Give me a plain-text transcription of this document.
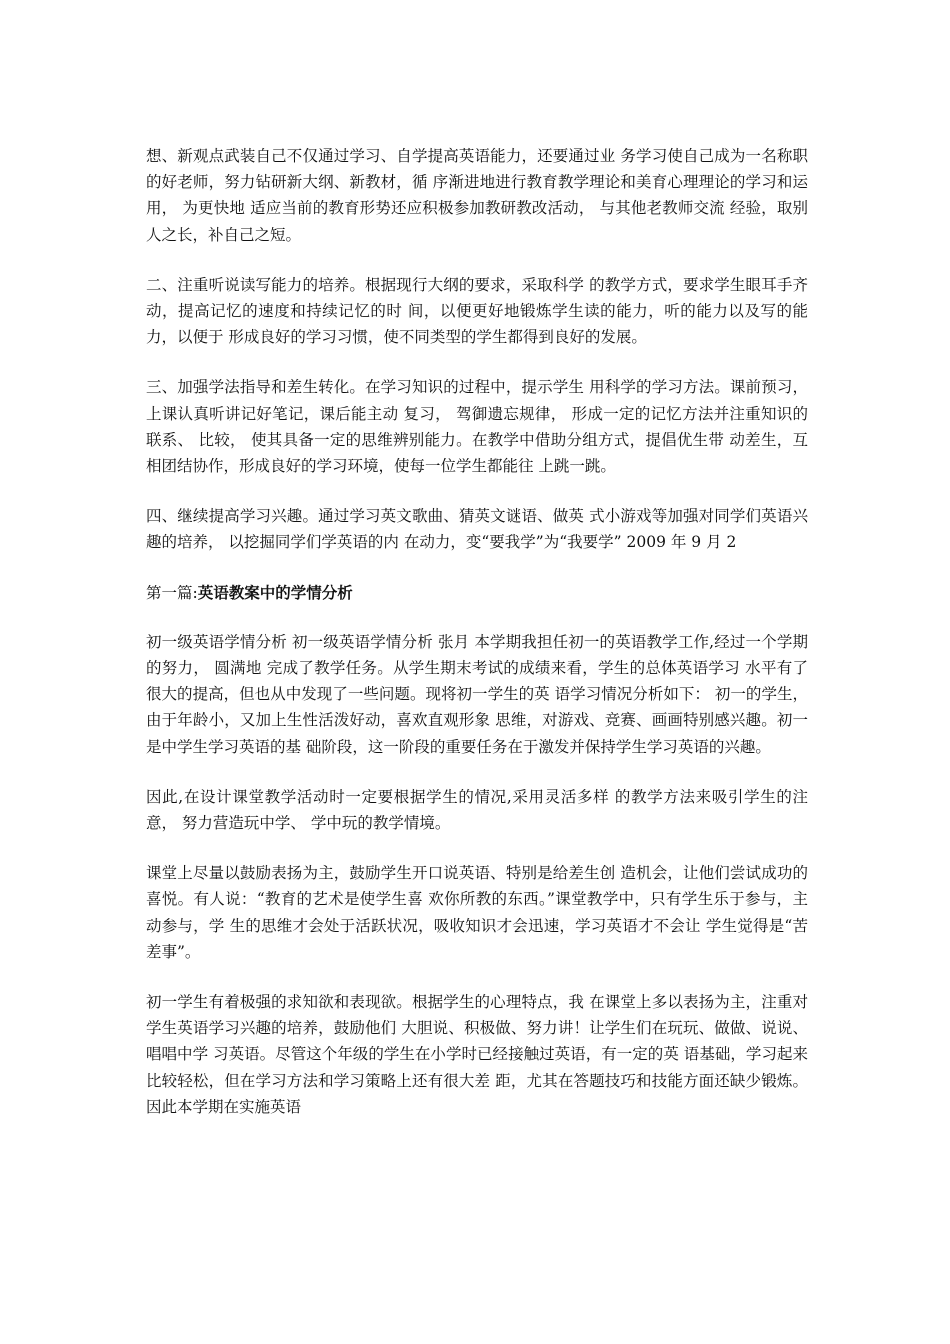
想、新观点武装自己不仅通过学习、自学提高英语能力，还要通过业 务学习使自己成为一名称职的好老师，努力钻研新大纲、新教材，循 序渐进地进行教育教学理论和美育心理理论的学习和运用， 为更快地 适应当前的教育形势还应积极参加教研教改活动， 与其他老教师交流 经验，取别人之长，补自己之短。

二、注重听说读写能力的培养。根据现行大纲的要求，采取科学 的教学方式，要求学生眼耳手齐动，提高记忆的速度和持续记忆的时 间，以便更好地锻炼学生读的能力，听的能力以及写的能力，以便于 形成良好的学习习惯，使不同类型的学生都得到良好的发展。

三、加强学法指导和差生转化。在学习知识的过程中，提示学生 用科学的学习方法。课前预习，上课认真听讲记好笔记，课后能主动 复习， 驾御遗忘规律， 形成一定的记忆方法并注重知识的联系、 比较， 使其具备一定的思维辨别能力。在教学中借助分组方式，提倡优生带 动差生，互相团结协作，形成良好的学习环境，使每一位学生都能往 上跳一跳。

四、继续提高学习兴趣。通过学习英文歌曲、猜英文谜语、做英 式小游戏等加强对同学们英语兴趣的培养， 以挖掘同学们学英语的内 在动力，变“要我学”为“我要学” 2009 年 9 月 2

第一篇:英语教案中的学情分析

初一级英语学情分析 初一级英语学情分析 张月 本学期我担任初一的英语教学工作,经过一个学期的努力， 圆满地 完成了教学任务。从学生期末考试的成绩来看，学生的总体英语学习 水平有了很大的提高，但也从中发现了一些问题。现将初一学生的英 语学习情况分析如下： 初一的学生，由于年龄小，又加上生性活泼好动，喜欢直观形象 思维，对游戏、竞赛、画画特别感兴趣。初一是中学生学习英语的基 础阶段，这一阶段的重要任务在于激发并保持学生学习英语的兴趣。

因此,在设计课堂教学活动时一定要根据学生的情况,采用灵活多样 的教学方法来吸引学生的注意， 努力营造玩中学、 学中玩的教学情境。

课堂上尽量以鼓励表扬为主，鼓励学生开口说英语、特别是给差生创 造机会，让他们尝试成功的喜悦。有人说：“教育的艺术是使学生喜 欢你所教的东西。”课堂教学中，只有学生乐于参与，主动参与，学 生的思维才会处于活跃状况，吸收知识才会迅速，学习英语才不会让 学生觉得是“苦差事”。

初一学生有着极强的求知欲和表现欲。根据学生的心理特点，我 在课堂上多以表扬为主，注重对学生英语学习兴趣的培养，鼓励他们 大胆说、积极做、努力讲！让学生们在玩玩、做做、说说、唱唱中学 习英语。尽管这个年级的学生在小学时已经接触过英语，有一定的英 语基础，学习起来比较轻松，但在学习方法和学习策略上还有很大差 距，尤其在答题技巧和技能方面还缺少锻炼。因此本学期在实施英语
